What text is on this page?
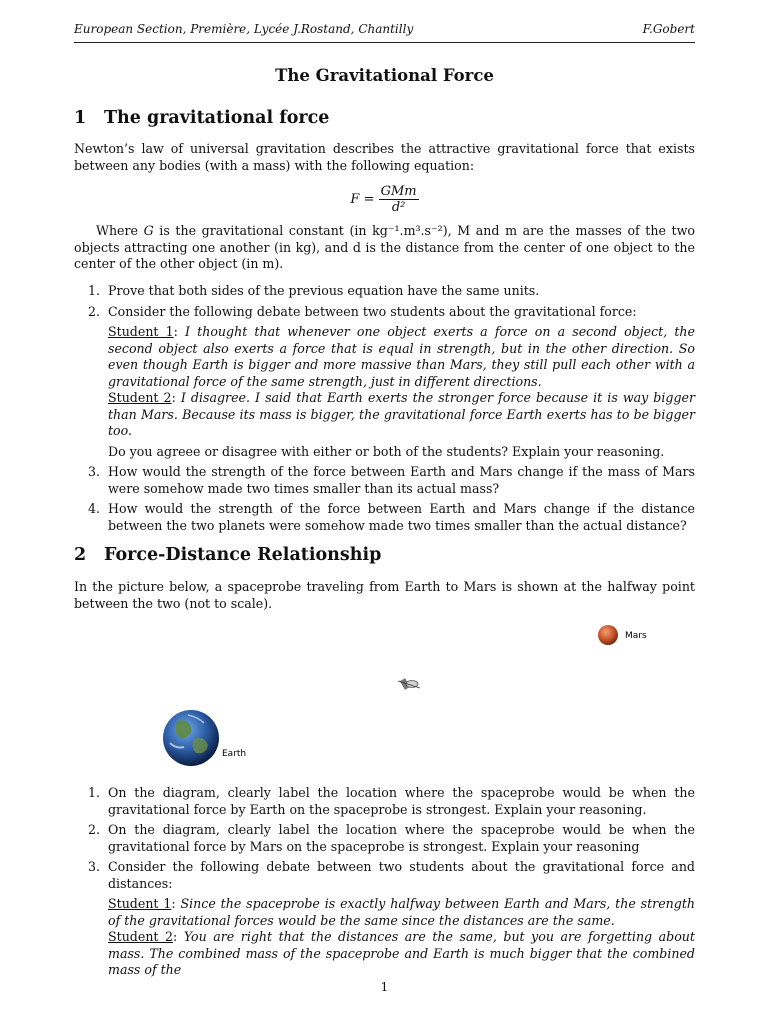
European Section, Première, Lycée J.Rostand, Chantilly	F.Gobert
The Gravitational Force
1 The gravitational force
Newton’s law of universal gravitation describes the attractive gravitational force that exists between any bodies (with a mass) with the following equation:
$F = \frac{\text{GMm}}{\text{d²}}$
Where G is the gravitational constant (in kg⁻¹.m³.s⁻²), M and m are the masses of the two objects attracting one another (in kg), and d is the distance from the center of one object to the center of the other object (in m).
1. Prove that both sides of the previous equation have the same units.
2. Consider the following debate between two students about the gravitational force:
Student 1: I thought that whenever one object exerts a force on a second object, the second object also exerts a force that is equal in strength, but in the other direction. So even though Earth is bigger and more massive than Mars, they still pull each other with a gravitational force of the same strength, just in different directions.
Student 2: I disagree. I said that Earth exerts the stronger force because it is way bigger than Mars. Because its mass is bigger, the gravitational force Earth exerts has to be bigger too.
Do you agreee or disagree with either or both of the students? Explain your reasoning.
3. How would the strength of the force between Earth and Mars change if the mass of Mars were somehow made two times smaller than its actual mass?
4. How would the strength of the force between Earth and Mars change if the distance between the two planets were somehow made two times smaller than the actual distance?
2 Force-Distance Relationship
In the picture below, a spaceprobe traveling from Earth to Mars is shown at the halfway point between the two (not to scale).
1
Earth
Mars
1. On the diagram, clearly label the location where the spaceprobe would be when the gravitational force by Earth on the spaceprobe is strongest. Explain your reasoning.
2. On the diagram, clearly label the location where the spaceprobe would be when the gravitational force by Mars on the spaceprobe is strongest. Explain your reasoning
3. Consider the following debate between two students about the gravitational force and distances:
Student 1: Since the spaceprobe is exactly halfway between Earth and Mars, the strength of the gravitational forces would be the same since the distances are the same.
Student 2: You are right that the distances are the same, but you are forgetting about mass. The combined mass of the spaceprobe and Earth is much bigger that the combined mass of the
